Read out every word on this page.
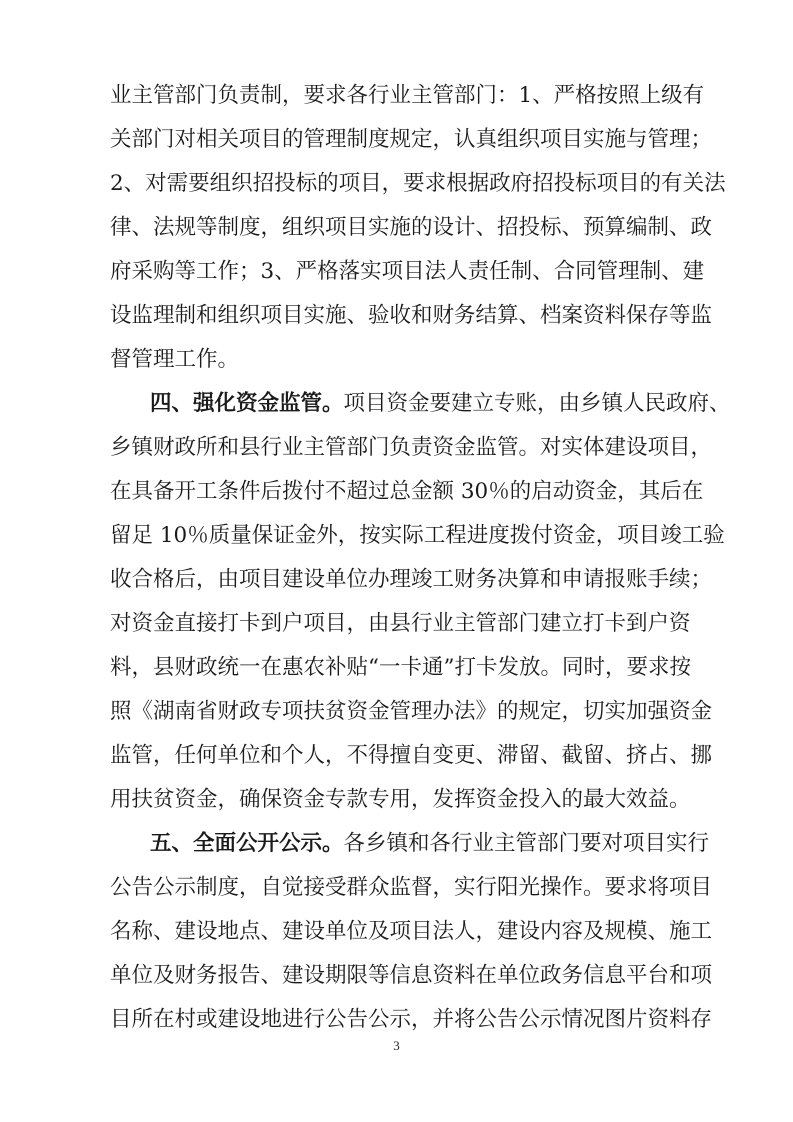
业主管部门负责制，要求各行业主管部门：1、严格按照上级有
关部门对相关项目的管理制度规定，认真组织项目实施与管理；
2、对需要组织招投标的项目，要求根据政府招投标项目的有关法
律、法规等制度，组织项目实施的设计、招投标、预算编制、政
府采购等工作；3、严格落实项目法人责任制、合同管理制、建
设监理制和组织项目实施、验收和财务结算、档案资料保存等监
督管理工作。
四、强化资金监管。项目资金要建立专账，由乡镇人民政府、
乡镇财政所和县行业主管部门负责资金监管。对实体建设项目，
在具备开工条件后拨付不超过总金额 30％的启动资金，其后在
留足 10％质量保证金外，按实际工程进度拨付资金，项目竣工验
收合格后，由项目建设单位办理竣工财务决算和申请报账手续；
对资金直接打卡到户项目，由县行业主管部门建立打卡到户资
料，县财政统一在惠农补贴“一卡通”打卡发放。同时，要求按
照《湖南省财政专项扶贫资金管理办法》的规定，切实加强资金
监管，任何单位和个人，不得擅自变更、滞留、截留、挤占、挪
用扶贫资金，确保资金专款专用，发挥资金投入的最大效益。
五、全面公开公示。各乡镇和各行业主管部门要对项目实行
公告公示制度，自觉接受群众监督，实行阳光操作。要求将项目
名称、建设地点、建设单位及项目法人，建设内容及规模、施工
单位及财务报告、建设期限等信息资料在单位政务信息平台和项
目所在村或建设地进行公告公示，并将公告公示情况图片资料存
3
